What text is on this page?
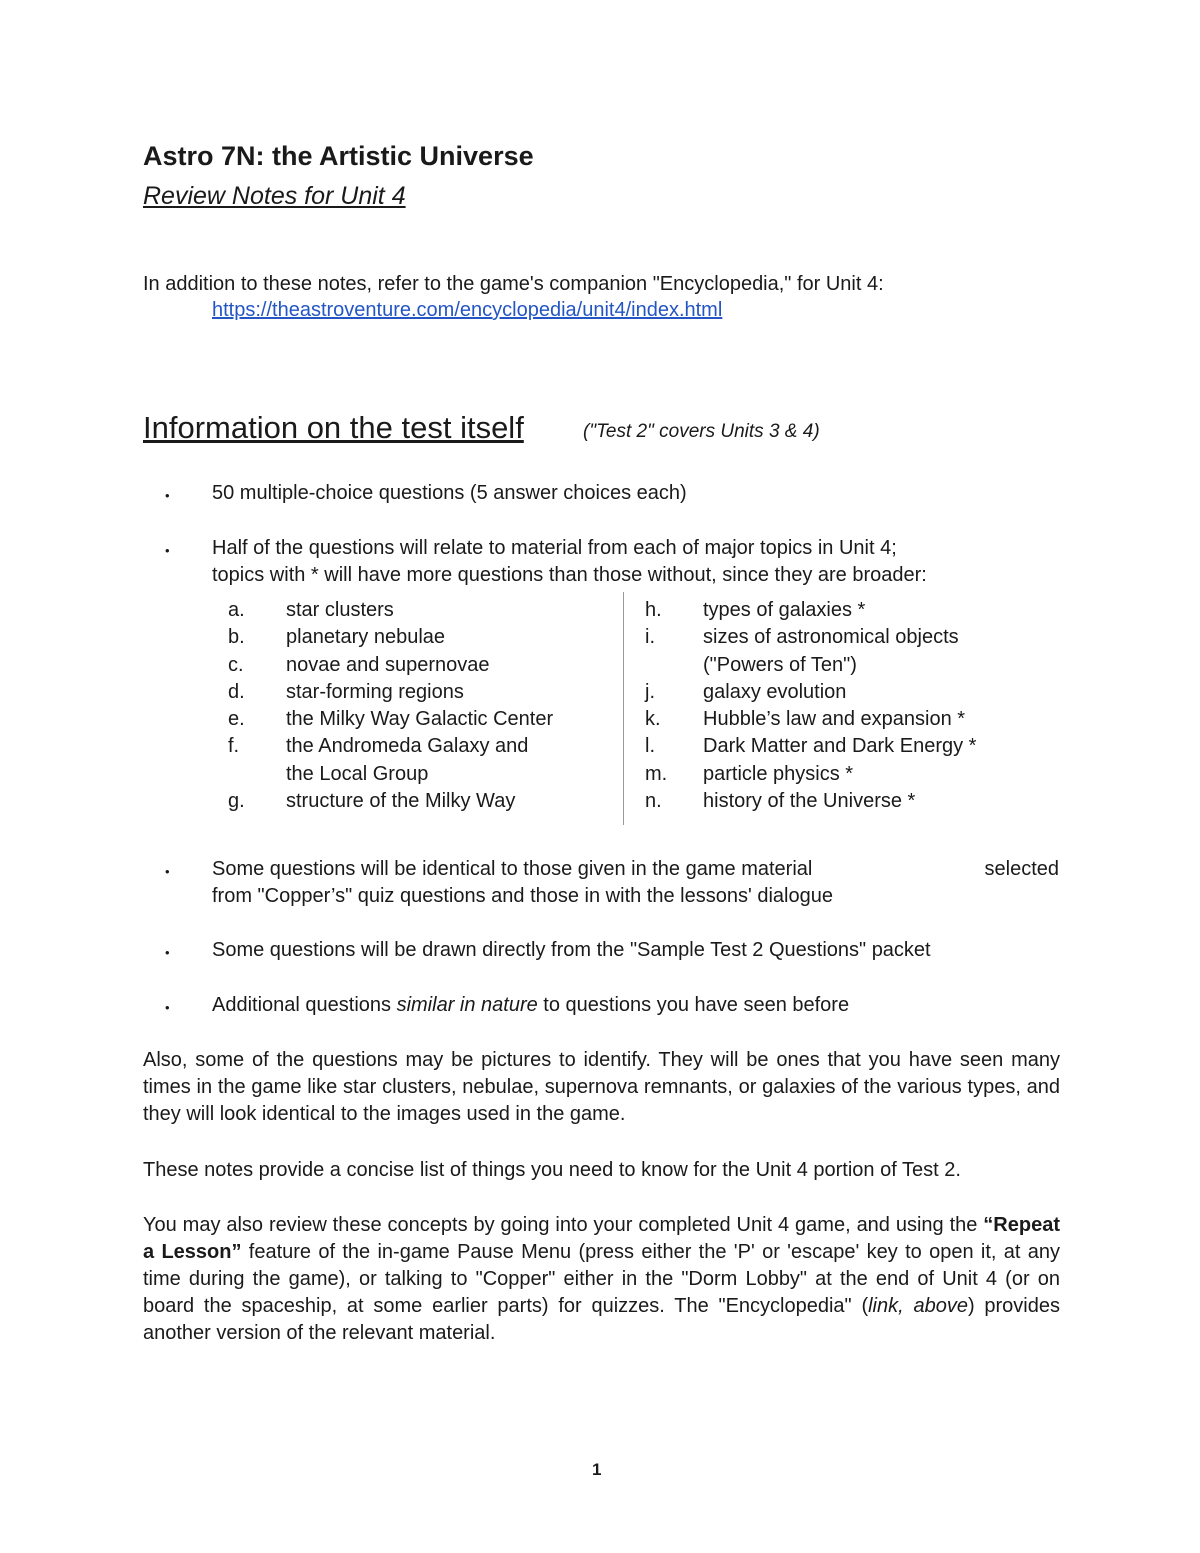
Astro 7N: the Artistic Universe
Review Notes for Unit 4
In addition to these notes, refer to the game's companion "Encyclopedia," for Unit 4:
https://theastroventure.com/encyclopedia/unit4/index.html
Information on the test itself	("Test 2" covers Units 3 & 4)
• 50 multiple-choice questions (5 answer choices each)
• Half of the questions will relate to material from each of major topics in Unit 4;
topics with * will have more questions than those without, since they are broader:
a.	star clusters
b.	planetary nebulae
c.	novae and supernovae
d.	star-forming regions
e.	the Milky Way Galactic Center
f.	the Andromeda Galaxy and
the Local Group
g.	structure of the Milky Way
h.	types of galaxies *
i.	sizes of astronomical objects
("Powers of Ten")
j.	galaxy evolution
k.	Hubble’s law and expansion *
l.	Dark Matter and Dark Energy *
m.	particle physics *
n.	history of the Universe *
• Some questions will be identical to those given in the game material	selected
from "Copper’s" quiz questions and those in with the lessons' dialogue
• Some questions will be drawn directly from the "Sample Test 2 Questions" packet
• Additional questions similar in nature to questions you have seen before
Also, some of the questions may be pictures to identify. They will be ones that you have seen many times in the game like star clusters, nebulae, supernova remnants, or galaxies of the various types, and they will look identical to the images used in the game.
These notes provide a concise list of things you need to know for the Unit 4 portion of Test 2.
You may also review these concepts by going into your completed Unit 4 game, and using the “Repeat a Lesson” feature of the in-game Pause Menu (press either the 'P' or 'escape' key to open it, at any time during the game), or talking to "Copper" either in the "Dorm Lobby" at the end of Unit 4 (or on board the spaceship, at some earlier parts) for quizzes. The "Encyclopedia" (link, above) provides another version of the relevant material.
1
